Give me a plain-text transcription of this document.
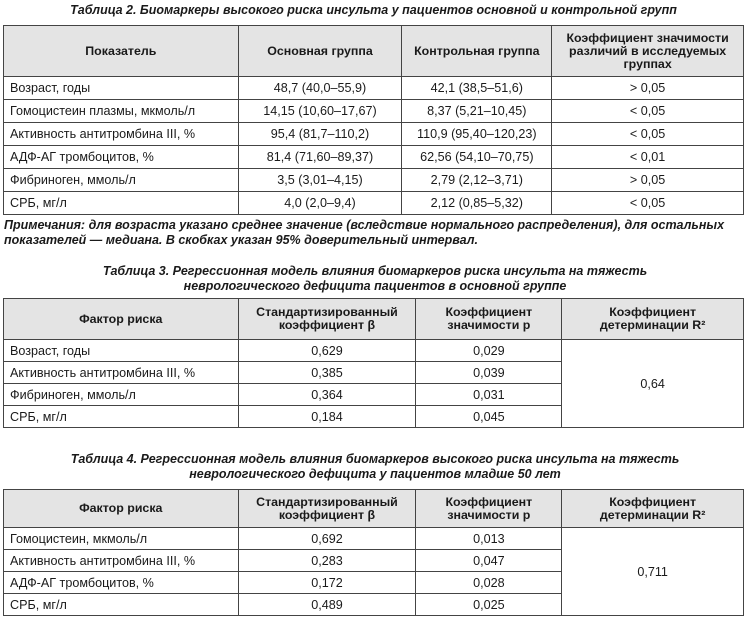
Таблица 2. Биомаркеры высокого риска инсульта у пациентов основной и контрольной групп
Показатель	Основная группа	Контрольная группа	Коэффициент значимости различий в исследуемых группах
Возраст, годы	48,7 (40,0–55,9)	42,1 (38,5–51,6)	> 0,05
Гомоцистеин плазмы, мкмоль/л	14,15 (10,60–17,67)	8,37 (5,21–10,45)	< 0,05
Активность антитромбина III, %	95,4 (81,7–110,2)	110,9 (95,40–120,23)	< 0,05
АДФ-АГ тромбоцитов, %	81,4 (71,60–89,37)	62,56 (54,10–70,75)	< 0,01
Фибриноген, ммоль/л	3,5 (3,01–4,15)	2,79 (2,12–3,71)	> 0,05
СРБ, мг/л	4,0 (2,0–9,4)	2,12 (0,85–5,32)	< 0,05
Примечания: для возраста указано среднее значение (вследствие нормального распределения), для остальных показателей — медиана. В скобках указан 95% доверительный интервал.
Таблица 3. Регрессионная модель влияния биомаркеров риска инсульта на тяжесть неврологического дефицита пациентов в основной группе
Фактор риска	Стандартизированный коэффициент β	Коэффициент значимости p	Коэффициент детерминации R²
Возраст, годы	0,629	0,029	0,64
Активность антитромбина III, %	0,385	0,039	
Фибриноген, ммоль/л	0,364	0,031	
СРБ, мг/л	0,184	0,045	
Таблица 4. Регрессионная модель влияния биомаркеров высокого риска инсульта на тяжесть неврологического дефицита у пациентов младше 50 лет
Фактор риска	Стандартизированный коэффициент β	Коэффициент значимости p	Коэффициент детерминации R²
Гомоцистеин, мкмоль/л	0,692	0,013	0,711
Активность антитромбина III, %	0,283	0,047	
АДФ-АГ тромбоцитов, %	0,172	0,028	
СРБ, мг/л	0,489	0,025	
